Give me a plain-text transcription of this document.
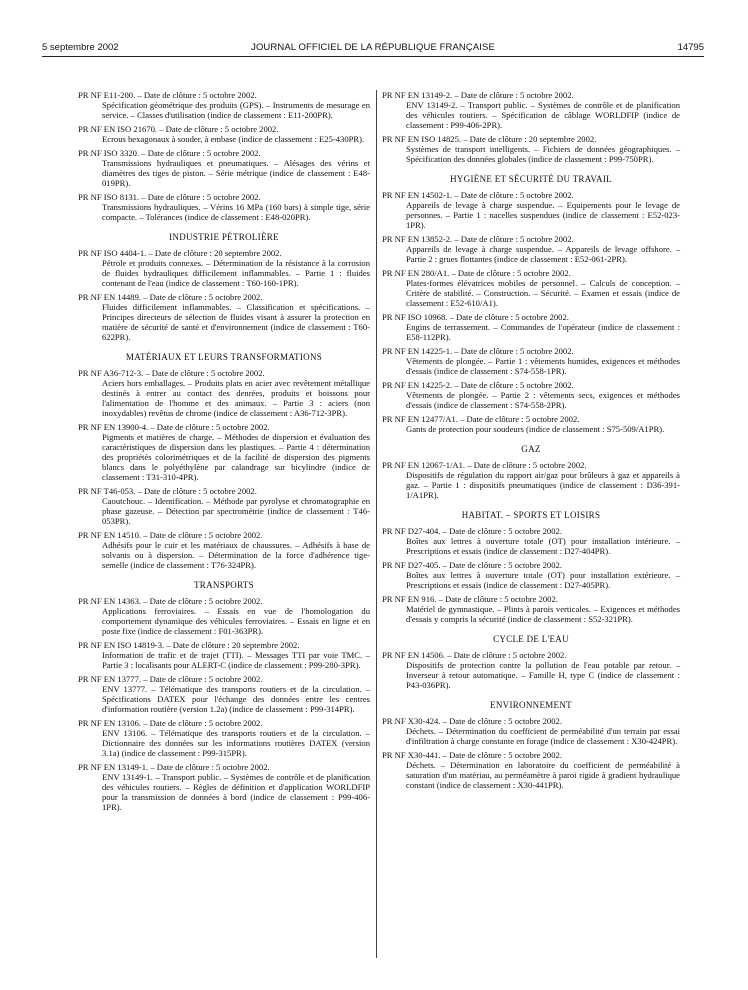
5 septembre 2002	JOURNAL OFFICIEL DE LA RÉPUBLIQUE FRANÇAISE	14795
PR NF E11-200. – Date de clôture : 5 octobre 2002.
Spécification géométrique des produits (GPS). – Instruments de mesurage en service. – Classes d'utilisation (indice de classement : E11-200PR).
PR NF EN ISO 21670. – Date de clôture : 5 octobre 2002.
Ecrous hexagonaux à souder, à embase (indice de classement : E25-430PR).
PR NF ISO 3320. – Date de clôture : 5 octobre 2002.
Transmissions hydrauliques et pneumatiques. – Alésages des vérins et diamètres des tiges de piston. – Série métrique (indice de classement : E48-019PR).
PR NF ISO 8131. – Date de clôture : 5 octobre 2002.
Transmissions hydrauliques. – Vérins 16 MPa (160 bars) à simple tige, série compacte. – Tolérances (indice de classement : E48-020PR).
INDUSTRIE PÉTROLIÈRE
PR NF ISO 4404-1. – Date de clôture : 20 septembre 2002.
Pétrole et produits connexes. – Détermination de la résistance à la corrosion de fluides hydrauliques difficilement inflammables. – Partie 1 : fluides contenant de l'eau (indice de classement : T60-160-1PR).
PR NF EN 14489. – Date de clôture : 5 octobre 2002.
Fluides difficilement inflammables. – Classification et spécifications. – Principes directeurs de sélection de fluides visant à assurer la protection en matière de sécurité de santé et d'environnement (indice de classement : T60-622PR).
MATÉRIAUX ET LEURS TRANSFORMATIONS
PR NF A36-712-3. – Date de clôture : 5 octobre 2002.
Aciers hors emballages. – Produits plats en acier avec revêtement métallique destinés à entrer au contact des denrées, produits et boissons pour l'alimentation de l'homme et des animaux. – Partie 3 : aciers (non inoxydables) revêtus de chrome (indice de classement : A36-712-3PR).
PR NF EN 13900-4. – Date de clôture : 5 octobre 2002.
Pigments et matières de charge. – Méthodes de dispersion et évaluation des caractéristiques de dispersion dans les plastiques. – Partie 4 : détermination des propriétés colorimétriques et de la facilité de dispersion des pigments blancs dans le polyéthylène par calandrage sur bicylindre (indice de classement : T31-310-4PR).
PR NF T46-053. – Date de clôture : 5 octobre 2002.
Caoutchouc. – Identification. – Méthode par pyrolyse et chromatographie en phase gazeuse. – Détection par spectrométrie (indice de classement : T46-053PR).
PR NF EN 14510. – Date de clôture : 5 octobre 2002.
Adhésifs pour le cuir et les matériaux de chaussures. – Adhésifs à base de solvants ou à dispersion. – Détermination de la force d'adhérence tige-semelle (indice de classement : T76-324PR).
TRANSPORTS
PR NF EN 14363. – Date de clôture : 5 octobre 2002.
Applications ferroviaires. – Essais en vue de l'homologation du comportement dynamique des véhicules ferroviaires. – Essais en ligne et en poste fixe (indice de classement : F01-363PR).
PR NF EN ISO 14819-3. – Date de clôture : 20 septembre 2002.
Information de trafic et de trajet (TTI). – Messages TTI par voie TMC. – Partie 3 : localisants pour ALERT-C (indice de classement : P99-280-3PR).
PR NF EN 13777. – Date de clôture : 5 octobre 2002.
ENV 13777. – Télématique des transports routiers et de la circulation. – Spécifications DATEX pour l'échange des données entre les centres d'information routière (version 1.2a) (indice de classement : P99-314PR).
PR NF EN 13106. – Date de clôture : 5 octobre 2002.
ENV 13106. – Télématique des transports routiers et de la circulation. – Dictionnaire des données sur les informations routières DATEX (version 3.1a) (indice de classement : P99-315PR).
PR NF EN 13149-1. – Date de clôture : 5 octobre 2002.
ENV 13149-1. – Transport public. – Systèmes de contrôle et de planification des véhicules routiers. – Règles de définition et d'application WORLDFIP pour la transmission de données à bord (indice de classement : P99-406-1PR).
PR NF EN 13149-2. – Date de clôture : 5 octobre 2002.
ENV 13149-2. – Transport public. – Systèmes de contrôle et de planification des véhicules routiers. – Spécification de câblage WORLDFIP (indice de classement : P99-406-2PR).
PR NF EN ISO 14825. – Date de clôture : 20 septembre 2002.
Systèmes de transport intelligents. – Fichiers de données géographiques. – Spécification des données globales (indice de classement : P99-750PR).
HYGIÈNE ET SÉCURITÉ DU TRAVAIL
PR NF EN 14502-1. – Date de clôture : 5 octobre 2002.
Appareils de levage à charge suspendue. – Equipements pour le levage de personnes. – Partie 1 : nacelles suspendues (indice de classement : E52-023-1PR).
PR NF EN 13852-2. – Date de clôture : 5 octobre 2002.
Appareils de levage à charge suspendue. – Appareils de levage offshore. – Partie 2 : grues flottantes (indice de classement : E52-061-2PR).
PR NF EN 280/A1. – Date de clôture : 5 octobre 2002.
Plates-formes élévatrices mobiles de personnel. – Calculs de conception. – Critère de stabilité. – Construction. – Sécurité. – Examen et essais (indice de classement : E52-610/A1).
PR NF ISO 10968. – Date de clôture : 5 octobre 2002.
Engins de terrassement. – Commandes de l'opérateur (indice de classement : E58-112PR).
PR NF EN 14225-1. – Date de clôture : 5 octobre 2002.
Vêtements de plongée. – Partie 1 : vêtements humides, exigences et méthodes d'essais (indice de classement : S74-558-1PR).
PR NF EN 14225-2. – Date de clôture : 5 octobre 2002.
Vêtements de plongée. – Partie 2 : vêtements secs, exigences et méthodes d'essais (indice de classement : S74-558-2PR).
PR NF EN 12477/A1. – Date de clôture : 5 octobre 2002.
Gants de protection pour soudeurs (indice de classement : S75-509/A1PR).
GAZ
PR NF EN 12067-1/A1. – Date de clôture : 5 octobre 2002.
Dispositifs de régulation du rapport air/gaz pour brûleurs à gaz et appareils à gaz. – Partie 1 : dispositifs pneumatiques (indice de classement : D36-391-1/A1PR).
HABITAT. – SPORTS ET LOISIRS
PR NF D27-404. – Date de clôture : 5 octobre 2002.
Boîtes aux lettres à ouverture totale (OT) pour installation intérieure. – Prescriptions et essais (indice de classement : D27-404PR).
PR NF D27-405. – Date de clôture : 5 octobre 2002.
Boîtes aux lettres à ouverture totale (OT) pour installation extérieure. – Prescriptions et essais (indice de classement : D27-405PR).
PR NF EN 916. – Date de clôture : 5 octobre 2002.
Matériel de gymnastique. – Plints à parois verticales. – Exigences et méthodes d'essais y compris la sécurité (indice de classement : S52-321PR).
CYCLE DE L'EAU
PR NF EN 14506. – Date de clôture : 5 octobre 2002.
Dispositifs de protection contre la pollution de l'eau potable par retour. – Inverseur à retour automatique. – Famille H, type C (indice de classement : P43-036PR).
ENVIRONNEMENT
PR NF X30-424. – Date de clôture : 5 octobre 2002.
Déchets. – Détermination du coefficient de perméabilité d'un terrain par essai d'infiltration à charge constante en forage (indice de classement : X30-424PR).
PR NF X30-441. – Date de clôture : 5 octobre 2002.
Déchets. – Détermination en laboratoire du coefficient de perméabilité à saturation d'un matériau, au perméamètre à paroi rigide à gradient hydraulique constant (indice de classement : X30-441PR).
